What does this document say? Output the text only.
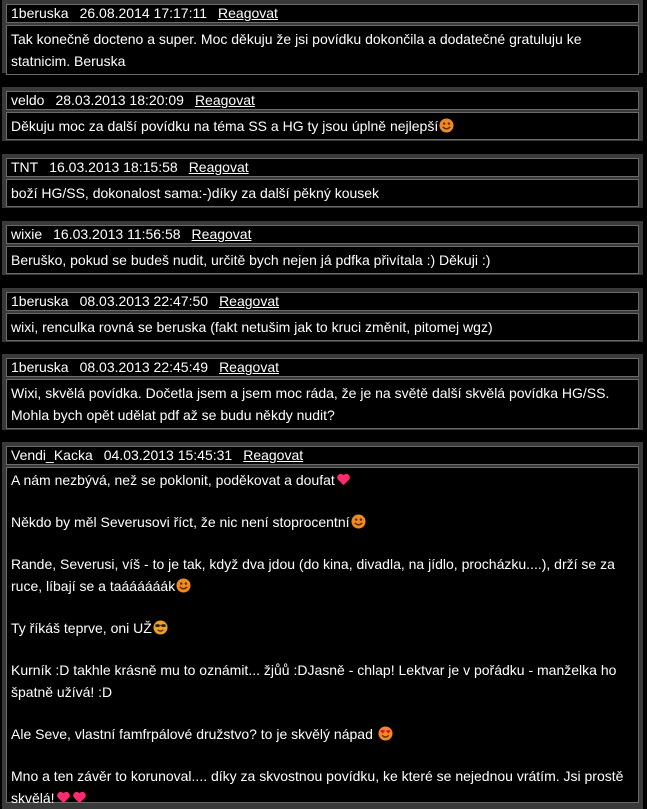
1beruska 26.08.2014 17:17:11 Reagovat

Tak konečně docteno a super. Moc děkuju že jsi povídku dokončila a dodatečné gratuluju ke statnicim. Beruska

veldo 28.03.2013 18:20:09 Reagovat

Děkuju moc za další povídku na téma SS a HG ty jsou úplně nejlepší

TNT 16.03.2013 18:15:58 Reagovat

boží HG/SS, dokonalost sama:-)díky za další pěkný kousek

wixie 16.03.2013 11:56:58 Reagovat

Beruško, pokud se budeš nudit, určitě bych nejen já pdfka přivítala :) Děkuji :)

1beruska 08.03.2013 22:47:50 Reagovat

wixi, renculka rovná se beruska (fakt netušim jak to kruci změnit, pitomej wgz)

1beruska 08.03.2013 22:45:49 Reagovat

Wixi, skvělá povídka. Dočetla jsem a jsem moc ráda, že je na světě další skvělá povídka HG/SS. Mohla bych opět udělat pdf až se budu někdy nudit?

Vendi_Kacka 04.03.2013 15:45:31 Reagovat

A nám nezbývá, než se poklonit, poděkovat a doufat

Někdo by měl Severusovi říct, že nic není stoprocentní

Rande, Severusi, víš - to je tak, když dva jdou (do kina, divadla, na jídlo, procházku....), drží se za ruce, líbají se a taáááááák

Ty říkáš teprve, oni UŽ

Kurník :D takhle krásně mu to oznámit... žjůů :DJasně - chlap! Lektvar je v pořádku - manželka ho špatně užívá! :D

Ale Seve, vlastní famfrpálové družstvo? to je skvělý nápad

Mno a ten závěr to korunoval.... díky za skvostnou povídku, ke které se nejednou vrátím. Jsi prostě skvělá!
